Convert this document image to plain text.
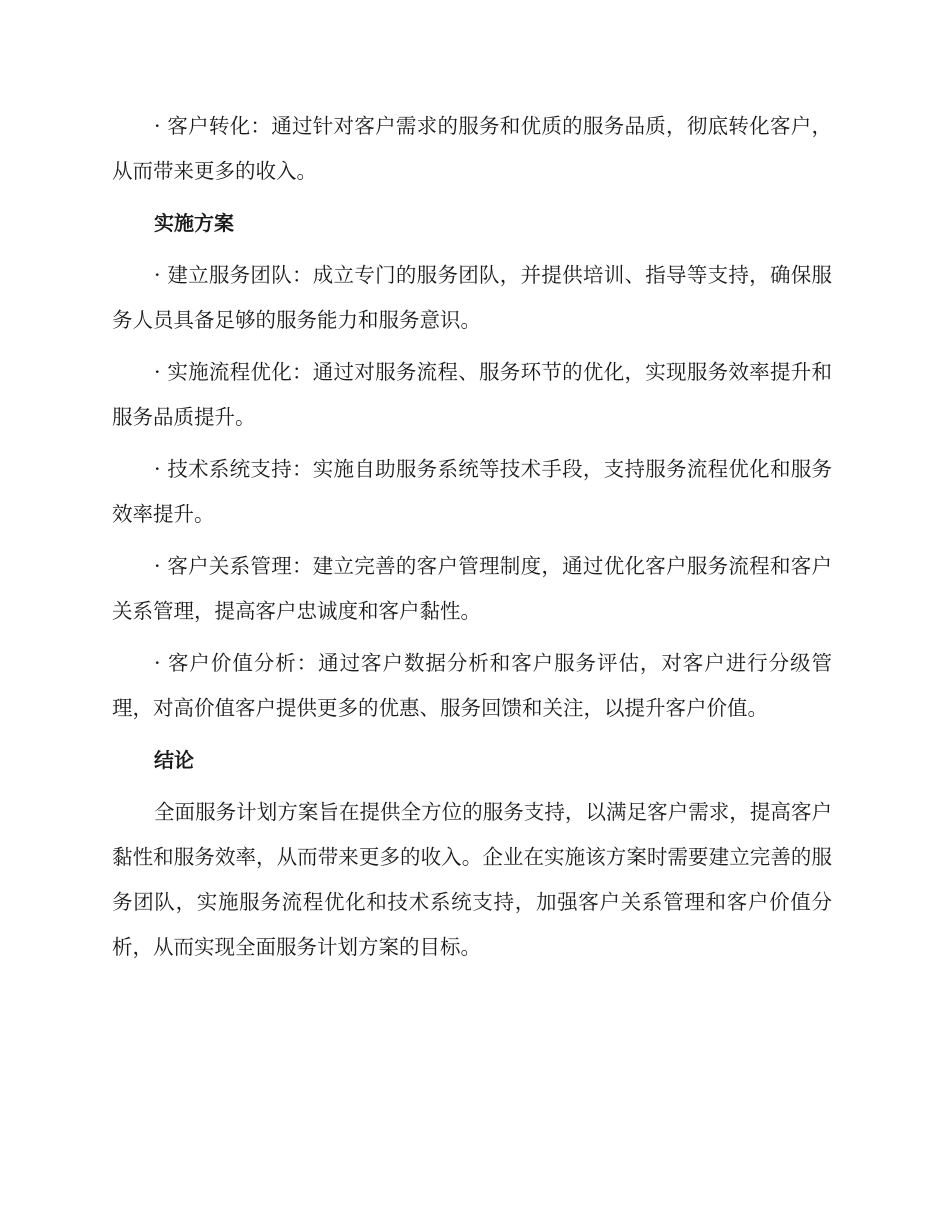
· 客户转化：通过针对客户需求的服务和优质的服务品质，彻底转化客户，从而带来更多的收入。

实施方案

· 建立服务团队：成立专门的服务团队，并提供培训、指导等支持，确保服务人员具备足够的服务能力和服务意识。

· 实施流程优化：通过对服务流程、服务环节的优化，实现服务效率提升和服务品质提升。

· 技术系统支持：实施自助服务系统等技术手段，支持服务流程优化和服务效率提升。

· 客户关系管理：建立完善的客户管理制度，通过优化客户服务流程和客户关系管理，提高客户忠诚度和客户黏性。

· 客户价值分析：通过客户数据分析和客户服务评估，对客户进行分级管理，对高价值客户提供更多的优惠、服务回馈和关注，以提升客户价值。

结论

全面服务计划方案旨在提供全方位的服务支持，以满足客户需求，提高客户黏性和服务效率，从而带来更多的收入。企业在实施该方案时需要建立完善的服务团队，实施服务流程优化和技术系统支持，加强客户关系管理和客户价值分析，从而实现全面服务计划方案的目标。
